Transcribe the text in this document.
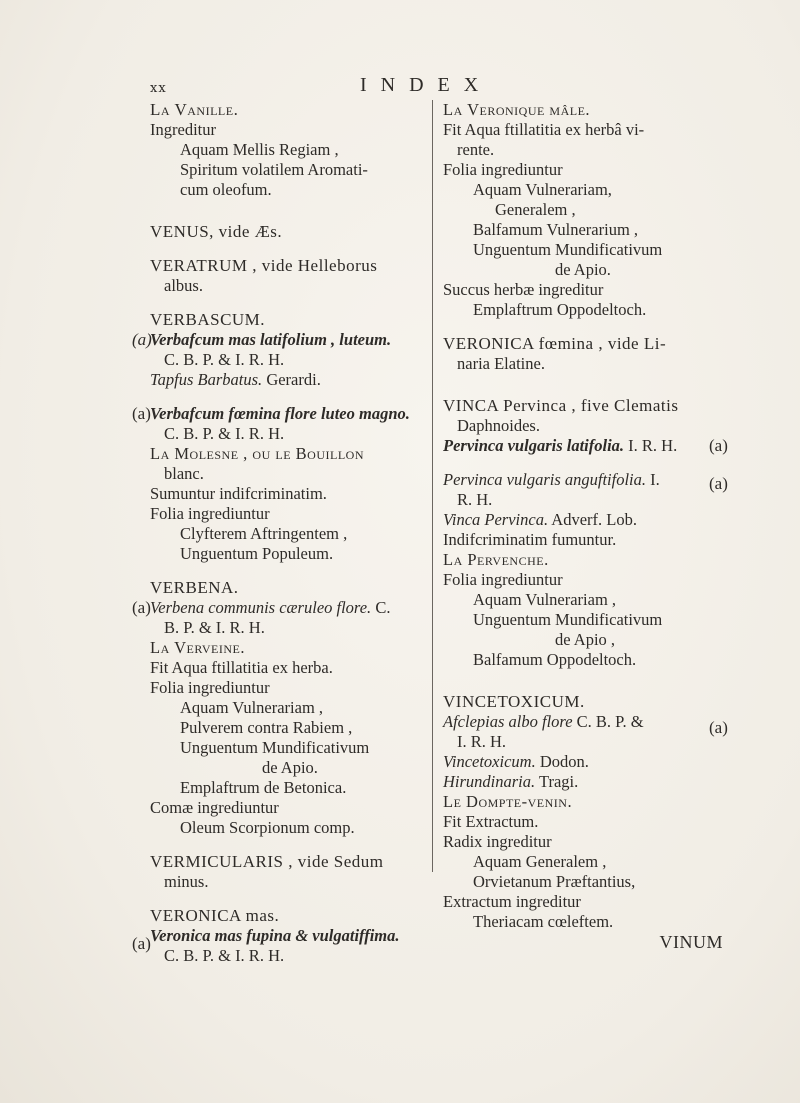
ⅹⅹ	INDEX

La Vanille.

Ingreditur

Aquam Mellis Regiam ,

Spiritum volatilem Aromati-

cum oleofum.

VENUS, vide Æs.

VERATRUM , vide Helleborus

albus.

VERBASCUM.

(a)
Verbafcum mas latifolium , luteum.

C. B. P. & I. R. H.

Tapfus Barbatus. Gerardi.

(a) Verbafcum fœmina flore luteo magno.

C. B. P. & I. R. H.

La Molesne , ou le Bouillon

blanc.

Sumuntur indifcriminatim.

Folia ingrediuntur

Clyfterem Aftringentem ,

Unguentum Populeum.

VERBENA.

(a) Verbena communis cæruleo flore. C.

B. P. & I. R. H.

La Verveine.

Fit Aqua ftillatitia ex herba.

Folia ingrediuntur

Aquam Vulnerariam ,

Pulverem contra Rabiem ,

Unguentum Mundificativum

de Apio.

Emplaftrum de Betonica.

Comæ ingrediuntur

Oleum Scorpionum comp.

VERMICULARIS , vide Sedum

minus.

VERONICA mas.

(a) Veronica mas fupina & vulgatiffima.

C. B. P. & I. R. H.

La Veronique mâle.

Fit Aqua ftillatitia ex herbâ vi-

rente.

Folia ingrediuntur

Aquam Vulnerariam,

Generalem ,

Balfamum Vulnerarium ,

Unguentum Mundificativum

de Apio.

Succus herbæ ingreditur

Emplaftrum Oppodeltoch.

VERONICA fœmina , vide Li-

naria Elatine.

VINCA Pervinca , five Clematis

Daphnoides.

Pervinca vulgaris latifolia. I. R. H. (a)

Pervinca vulgaris anguftifolia. I.	(a)

R. H.

Vinca Pervinca. Adverf. Lob.

Indifcriminatim fumuntur.

La Pervenche.

Folia ingrediuntur

Aquam Vulnerariam ,

Unguentum Mundificativum

de Apio ,

Balfamum Oppodeltoch.

VINCETOXICUM.

Afclepias albo flore C. B. P. &	(a)

I. R. H.

Vincetoxicum. Dodon.

Hirundinaria. Tragi.

Le Dompte-venin.

Fit Extractum.

Radix ingreditur

Aquam Generalem ,

Orvietanum Præftantius,

Extractum ingreditur

Theriacam cœleftem.

VINUM
